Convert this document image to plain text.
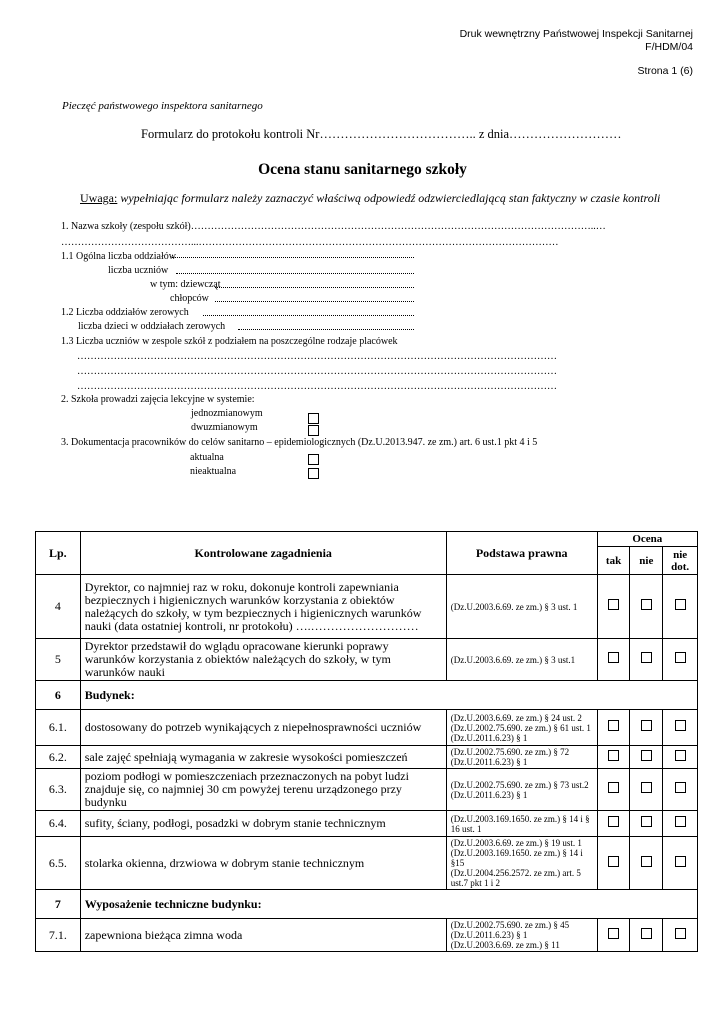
Druk wewnętrzny Państwowej Inspekcji Sanitarnej
F/HDM/04
Strona 1 (6)
Pieczęć państwowego inspektora sanitarnego
Formularz do protokołu kontroli Nr……………………………….. z dnia………………………
Ocena stanu sanitarnego szkoły
Uwaga: wypełniając formularz należy zaznaczyć właściwą odpowiedź odzwierciedlającą stan faktyczny w czasie kontroli
1. Nazwa szkoły (zespołu szkół)…………………………………………………………………………………………………………..…
…………………………………...………………………………………………………………………………………………
1.1 Ogólna liczba oddziałów
liczba uczniów
w tym: dziewcząt
chłopców
1.2 Liczba oddziałów zerowych
liczba dzieci w oddziałach zerowych
1.3 Liczba uczniów w zespole szkół z podziałem na poszczególne rodzaje placówek
………………………………………………………………………………………………………………………………
………………………………………………………………………………………………………………………………
………………………………………………………………………………………………………………………………
2. Szkoła prowadzi zajęcia lekcyjne w systemie:
jednozmianowym
dwuzmianowym
3. Dokumentacja pracowników do celów sanitarno – epidemiologicznych (Dz.U.2013.947. ze zm.) art. 6 ust.1 pkt 4 i 5
aktualna
nieaktualna
Lp.	Kontrolowane zagadnienia	Podstawa prawna	Ocena		
			tak	nie	nie dot.
4	Dyrektor, co najmniej raz w roku, dokonuje kontroli zapewniania bezpiecznych i higienicznych warunków korzystania z obiektów należących do szkoły, w tym bezpiecznych i higienicznych warunków nauki (data ostatniej kontroli, nr protokołu) ….………………………	(Dz.U.2003.6.69. ze zm.) § 3 ust. 1			

5	Dyrektor przedstawił do wglądu opracowane kierunki poprawy warunków korzystania z obiektów należących do szkoły, w tym warunków nauki	(Dz.U.2003.6.69. ze zm.) § 3 ust.1			

6	Budynek:				
6.1.	dostosowany do potrzeb wynikających z niepełnosprawności uczniów	(Dz.U.2003.6.69. ze zm.) § 24 ust. 2
(Dz.U.2002.75.690. ze zm.) § 61 ust. 1
(Dz.U.2011.6.23) § 1			

6.2.	sale zajęć spełniają wymagania w zakresie wysokości pomieszczeń	(Dz.U.2002.75.690. ze zm.) § 72
(Dz.U.2011.6.23) § 1			

6.3.	poziom podłogi w pomieszczeniach przeznaczonych na pobyt ludzi znajduje się, co najmniej 30 cm powyżej terenu urządzonego przy budynku	(Dz.U.2002.75.690. ze zm.) § 73 ust.2
(Dz.U.2011.6.23) § 1			

6.4.	sufity, ściany, podłogi, posadzki w dobrym stanie technicznym	(Dz.U.2003.169.1650. ze zm.) § 14 i § 16 ust. 1			

6.5.	stolarka okienna, drzwiowa w dobrym stanie technicznym	(Dz.U.2003.6.69. ze zm.) § 19 ust. 1
(Dz.U.2003.169.1650. ze zm.) § 14 i §15
(Dz.U.2004.256.2572. ze zm.) art. 5 ust.7 pkt 1 i 2			

7	Wyposażenie techniczne budynku:				
7.1.	zapewniona bieżąca zimna woda	(Dz.U.2002.75.690. ze zm.) § 45
(Dz.U.2011.6.23) § 1
(Dz.U.2003.6.69. ze zm.) § 11			
